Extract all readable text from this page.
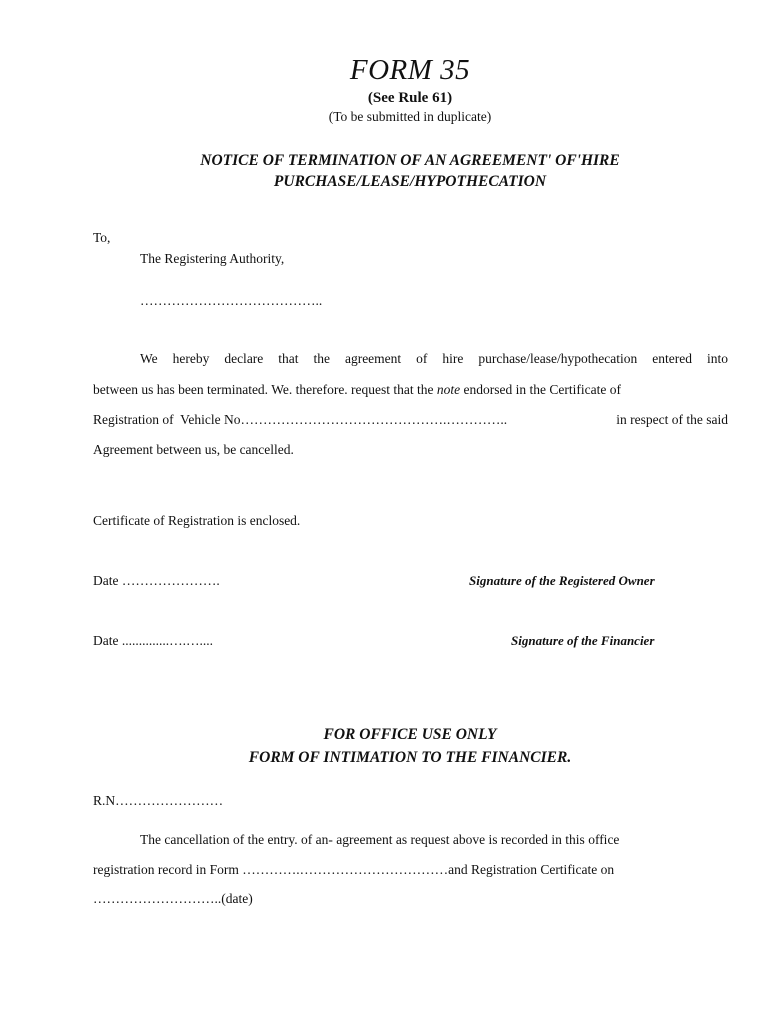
FORM 35
(See Rule 61)
(To be submitted in duplicate)
NOTICE OF TERMINATION OF AN AGREEMENT' OF'HIRE
PURCHASE/LEASE/HYPOTHECATION
To,
The Registering Authority,
…………………………………..
We hereby declare that the agreement of hire purchase/lease/hypothecation entered into
between us has been terminated. We. therefore. request that the note endorsed in the Certificate of
Registration of  Vehicle No……………………………………….…………..	in respect of the said
Agreement between us, be cancelled.
Certificate of Registration is enclosed.
Date ………………….	Signature of the Registered Owner
Date ..............….…....	Signature of the Financier
FOR OFFICE USE ONLY
FORM OF INTIMATION TO THE FINANCIER.
R.N……………………
The cancellation of the entry. of an- agreement as request above is recorded in this office
registration record in Form ………….……………………………and Registration Certificate on
………………………..(date)
